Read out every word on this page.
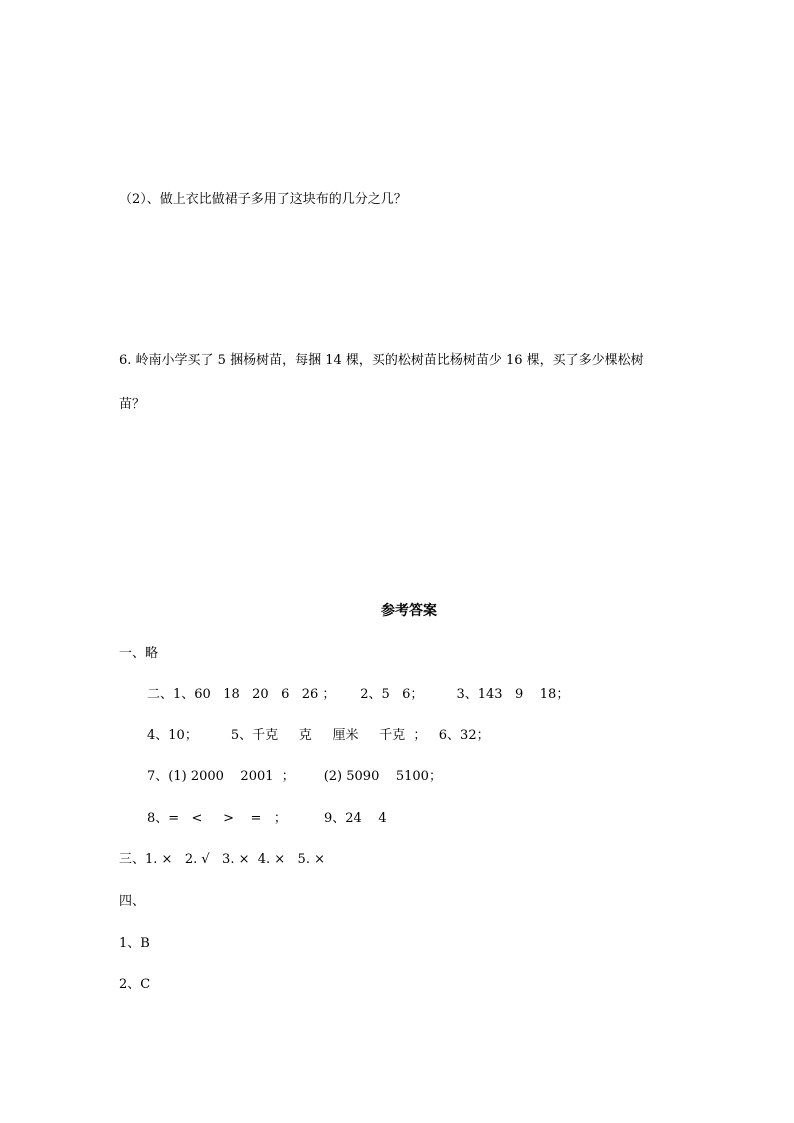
（2）、做上衣比做裙子多用了这块布的几分之几？
6. 岭南小学买了 5 捆杨树苗，每捆 14 棵，买的松树苗比杨树苗少 16 棵，买了多少棵松树
苗？
参考答案
一、略
二、1、60   18   20   6   26 ；      2、5   6；        3、143   9    18；
4、10；        5、千克     克     厘米     千克  ；   6、32；
7、(1) 2000    2001  ；       (2) 5090    5100；
8、=   <     >    =   ；         9、24    4
三、1. ×   2. √   3. ×  4. ×   5. ×
四、
1、B
2、C
